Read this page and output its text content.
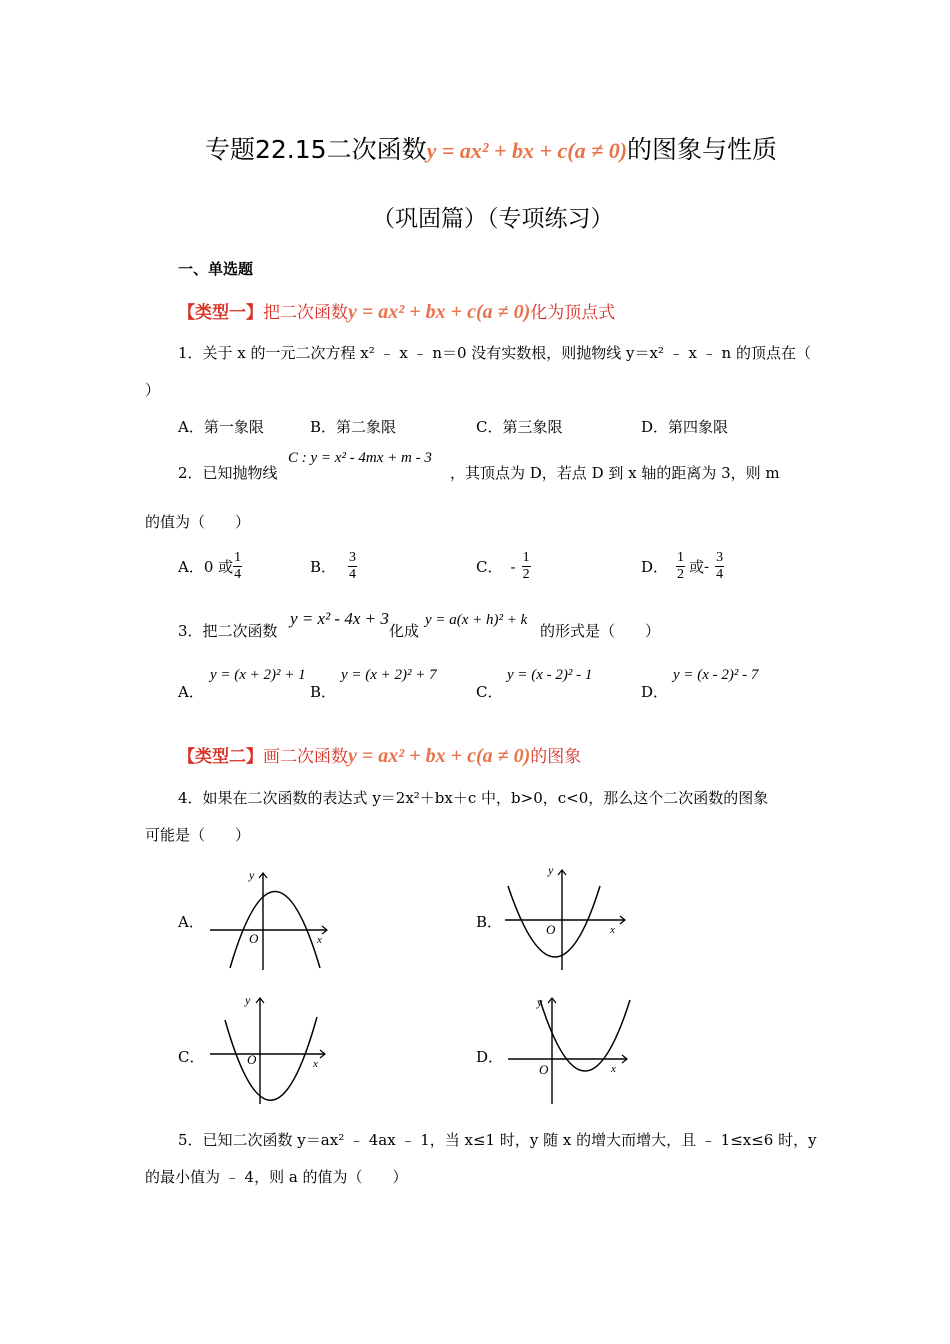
专题22.15二次函数y = ax² + bx + c(a ≠ 0)的图象与性质
（巩固篇）（专项练习）
一、单选题
【类型一】把二次函数y = ax² + bx + c(a ≠ 0)化为顶点式
1．关于 x 的一元二次方程 x² ﹣ x ﹣ n＝0 没有实数根，则抛物线 y＝x² ﹣ x ﹣ n 的顶点在（
）
A．第一象限	B．第二象限	C．第三象限	D．第四象限
2．已知抛物线
C : y = x² - 4mx + m - 3
，其顶点为 D，若点 D 到 x 轴的距离为 3，则 m
的值为（　　）
A．0 或 $\frac{1}{4}$	B． $\frac{3}{4}$	C． - $\frac{1}{2}$	D． $\frac{1}{2}$ 或- $\frac{3}{4}$
3．把二次函数
y = x² - 4x + 3
化成
y = a(x + h)² + k
的形式是（　　）
A．
y = (x + 2)² + 1
B．
y = (x + 2)² + 7
C．
y = (x - 2)² - 1
D．
y = (x - 2)² - 7
【类型二】画二次函数y = ax² + bx + c(a ≠ 0)的图象
4．如果在二次函数的表达式 y＝2x²＋bx＋c 中，b>0，c<0，那么这个二次函数的图象
可能是（　　）
A．	B．
C．	D．
y
x
O
y
x
O
y
x
O
y
x
O
5．已知二次函数 y＝ax² ﹣ 4ax ﹣ 1，当 x≤1 时，y 随 x 的增大而增大，且 ﹣ 1≤x≤6 时，y
的最小值为 ﹣ 4，则 a 的值为（　　）
